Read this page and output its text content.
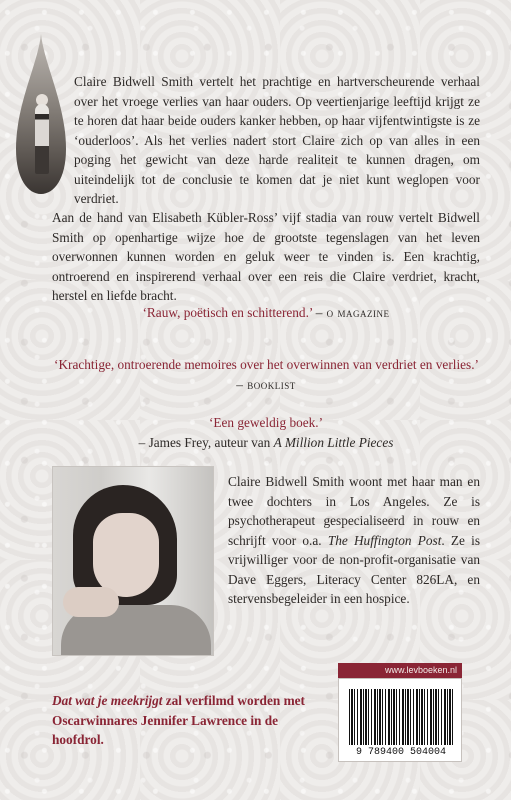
Claire Bidwell Smith vertelt het prachtige en hartverscheurende verhaal over het vroege verlies van haar ouders. Op veertienjarige leeftijd krijgt ze te horen dat haar beide ouders kanker hebben, op haar vijfentwintigste is ze ‘ouderloos’. Als het verlies nadert stort Claire zich op van alles in een poging het gewicht van deze harde realiteit te kunnen dragen, om uiteindelijk tot de conclusie te komen dat je niet kunt weglopen voor verdriet.

Aan de hand van Elisabeth Kübler-Ross’ vijf stadia van rouw vertelt Bidwell Smith op openhartige wijze hoe de grootste tegenslagen van het leven overwonnen kunnen worden en geluk weer te vinden is. Een krachtig, ontroerend en inspirerend verhaal over een reis die Claire verdriet, kracht, herstel en liefde bracht.

‘Rauw, poëtisch en schitterend.’ – o magazine
‘Krachtige, ontroerende memoires over het overwinnen van verdriet en verlies.’ – booklist
‘Een geweldig boek.’
– James Frey, auteur van A Million Little Pieces

Claire Bidwell Smith woont met haar man en twee dochters in Los Angeles. Ze is psychotherapeut gespecialiseerd in rouw en schrijft voor o.a. The Huffington Post. Ze is vrijwilliger voor de non-profit-organisatie van Dave Eggers, Literacy Center 826LA, en stervensbegeleider in een hospice.

www.levboeken.nl
9 789400 504004

Dat wat je meekrijgt zal verfilmd worden met Oscarwinnares Jennifer Lawrence in de hoofdrol.
